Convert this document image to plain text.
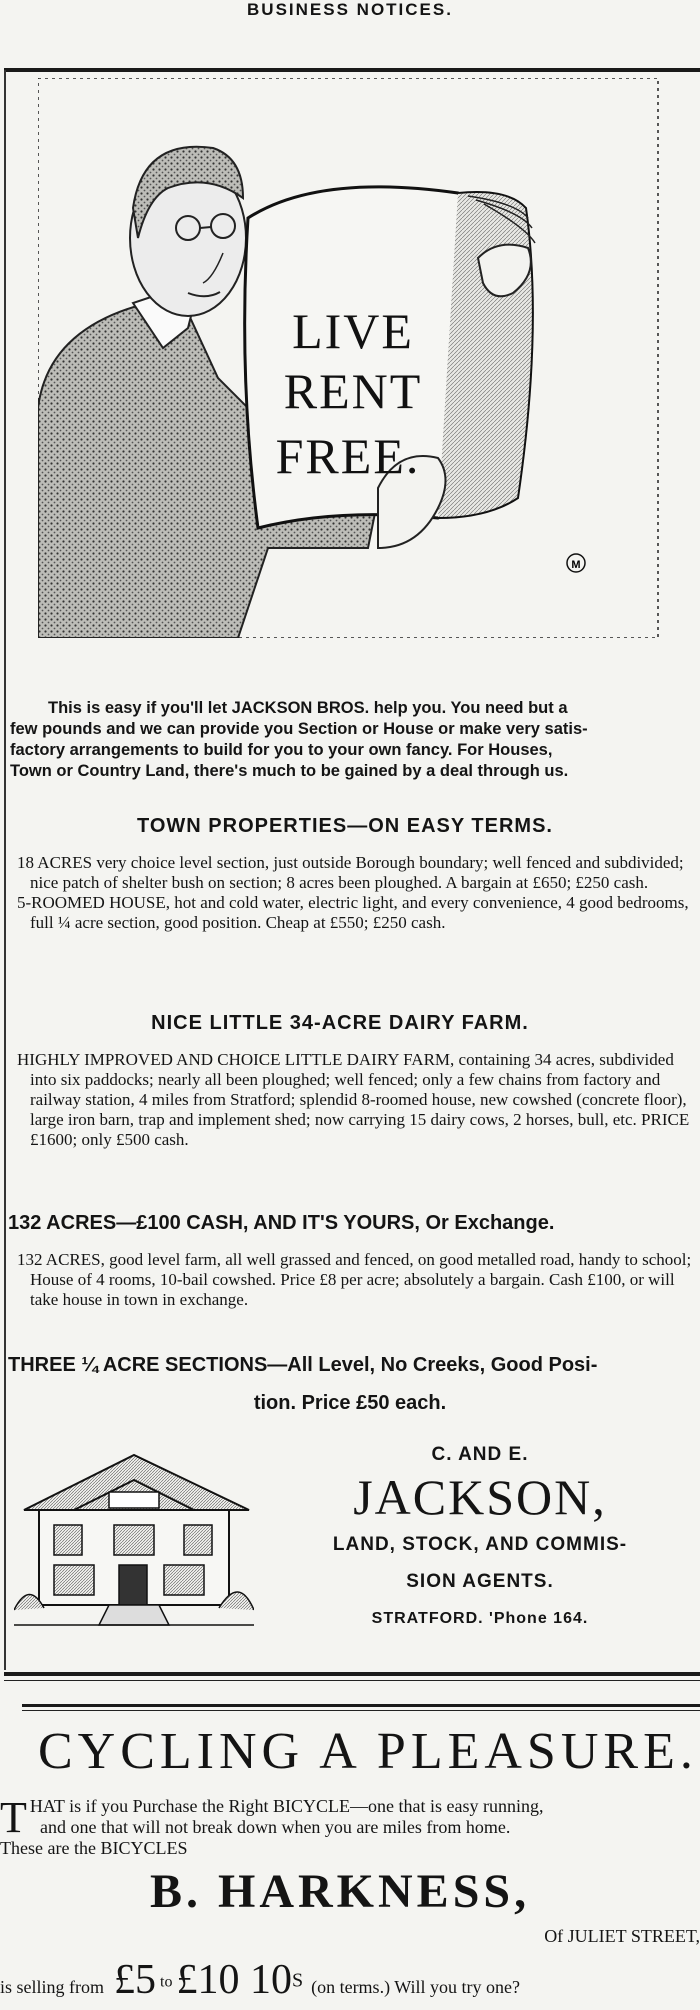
BUSINESS NOTICES.
LIVE
RENT
FREE.
M
This is easy if you'll let JACKSON BROS. help you. You need but a
few pounds and we can provide you Section or House or make very satis-
factory arrangements to build for you to your own fancy. For Houses,
Town or Country Land, there's much to be gained by a deal through us.
TOWN PROPERTIES—ON EASY TERMS.

18 ACRES very choice level section, just outside Borough boundary; well fenced and subdivided; nice patch of shelter bush on section; 8 acres been ploughed. A bargain at £650; £250 cash.

5-ROOMED HOUSE, hot and cold water, electric light, and every convenience, 4 good bedrooms, full ¼ acre section, good position. Cheap at £550; £250 cash.

NICE LITTLE 34-ACRE DAIRY FARM.

HIGHLY IMPROVED AND CHOICE LITTLE DAIRY FARM, containing 34 acres, subdivided into six paddocks; nearly all been ploughed; well fenced; only a few chains from factory and railway station, 4 miles from Stratford; splendid 8-roomed house, new cowshed (concrete floor), large iron barn, trap and implement shed; now carrying 15 dairy cows, 2 horses, bull, etc. PRICE £1600; only £500 cash.

132 ACRES—£100 CASH, AND IT'S YOURS, Or Exchange.

132 ACRES, good level farm, all well grassed and fenced, on good metalled road, handy to school; House of 4 rooms, 10-bail cowshed. Price £8 per acre; absolutely a bargain. Cash £100, or will take house in town in exchange.

THREE ¼ ACRE SECTIONS—All Level, No Creeks, Good Posi-
tion. Price £50 each.
C. AND E.
JACKSON,
LAND, STOCK, AND COMMIS-
SION AGENTS.
STRATFORD. 'Phone 164.
CYCLING A PLEASURE.
T HAT is if you Purchase the Right BICYCLE—one that is easy running,
and one that will not break down when you are miles from home.
These are the BICYCLES
B. HARKNESS,
Of JULIET STREET,
is selling from £5 to £10 10S (on terms.) Will you try one?
